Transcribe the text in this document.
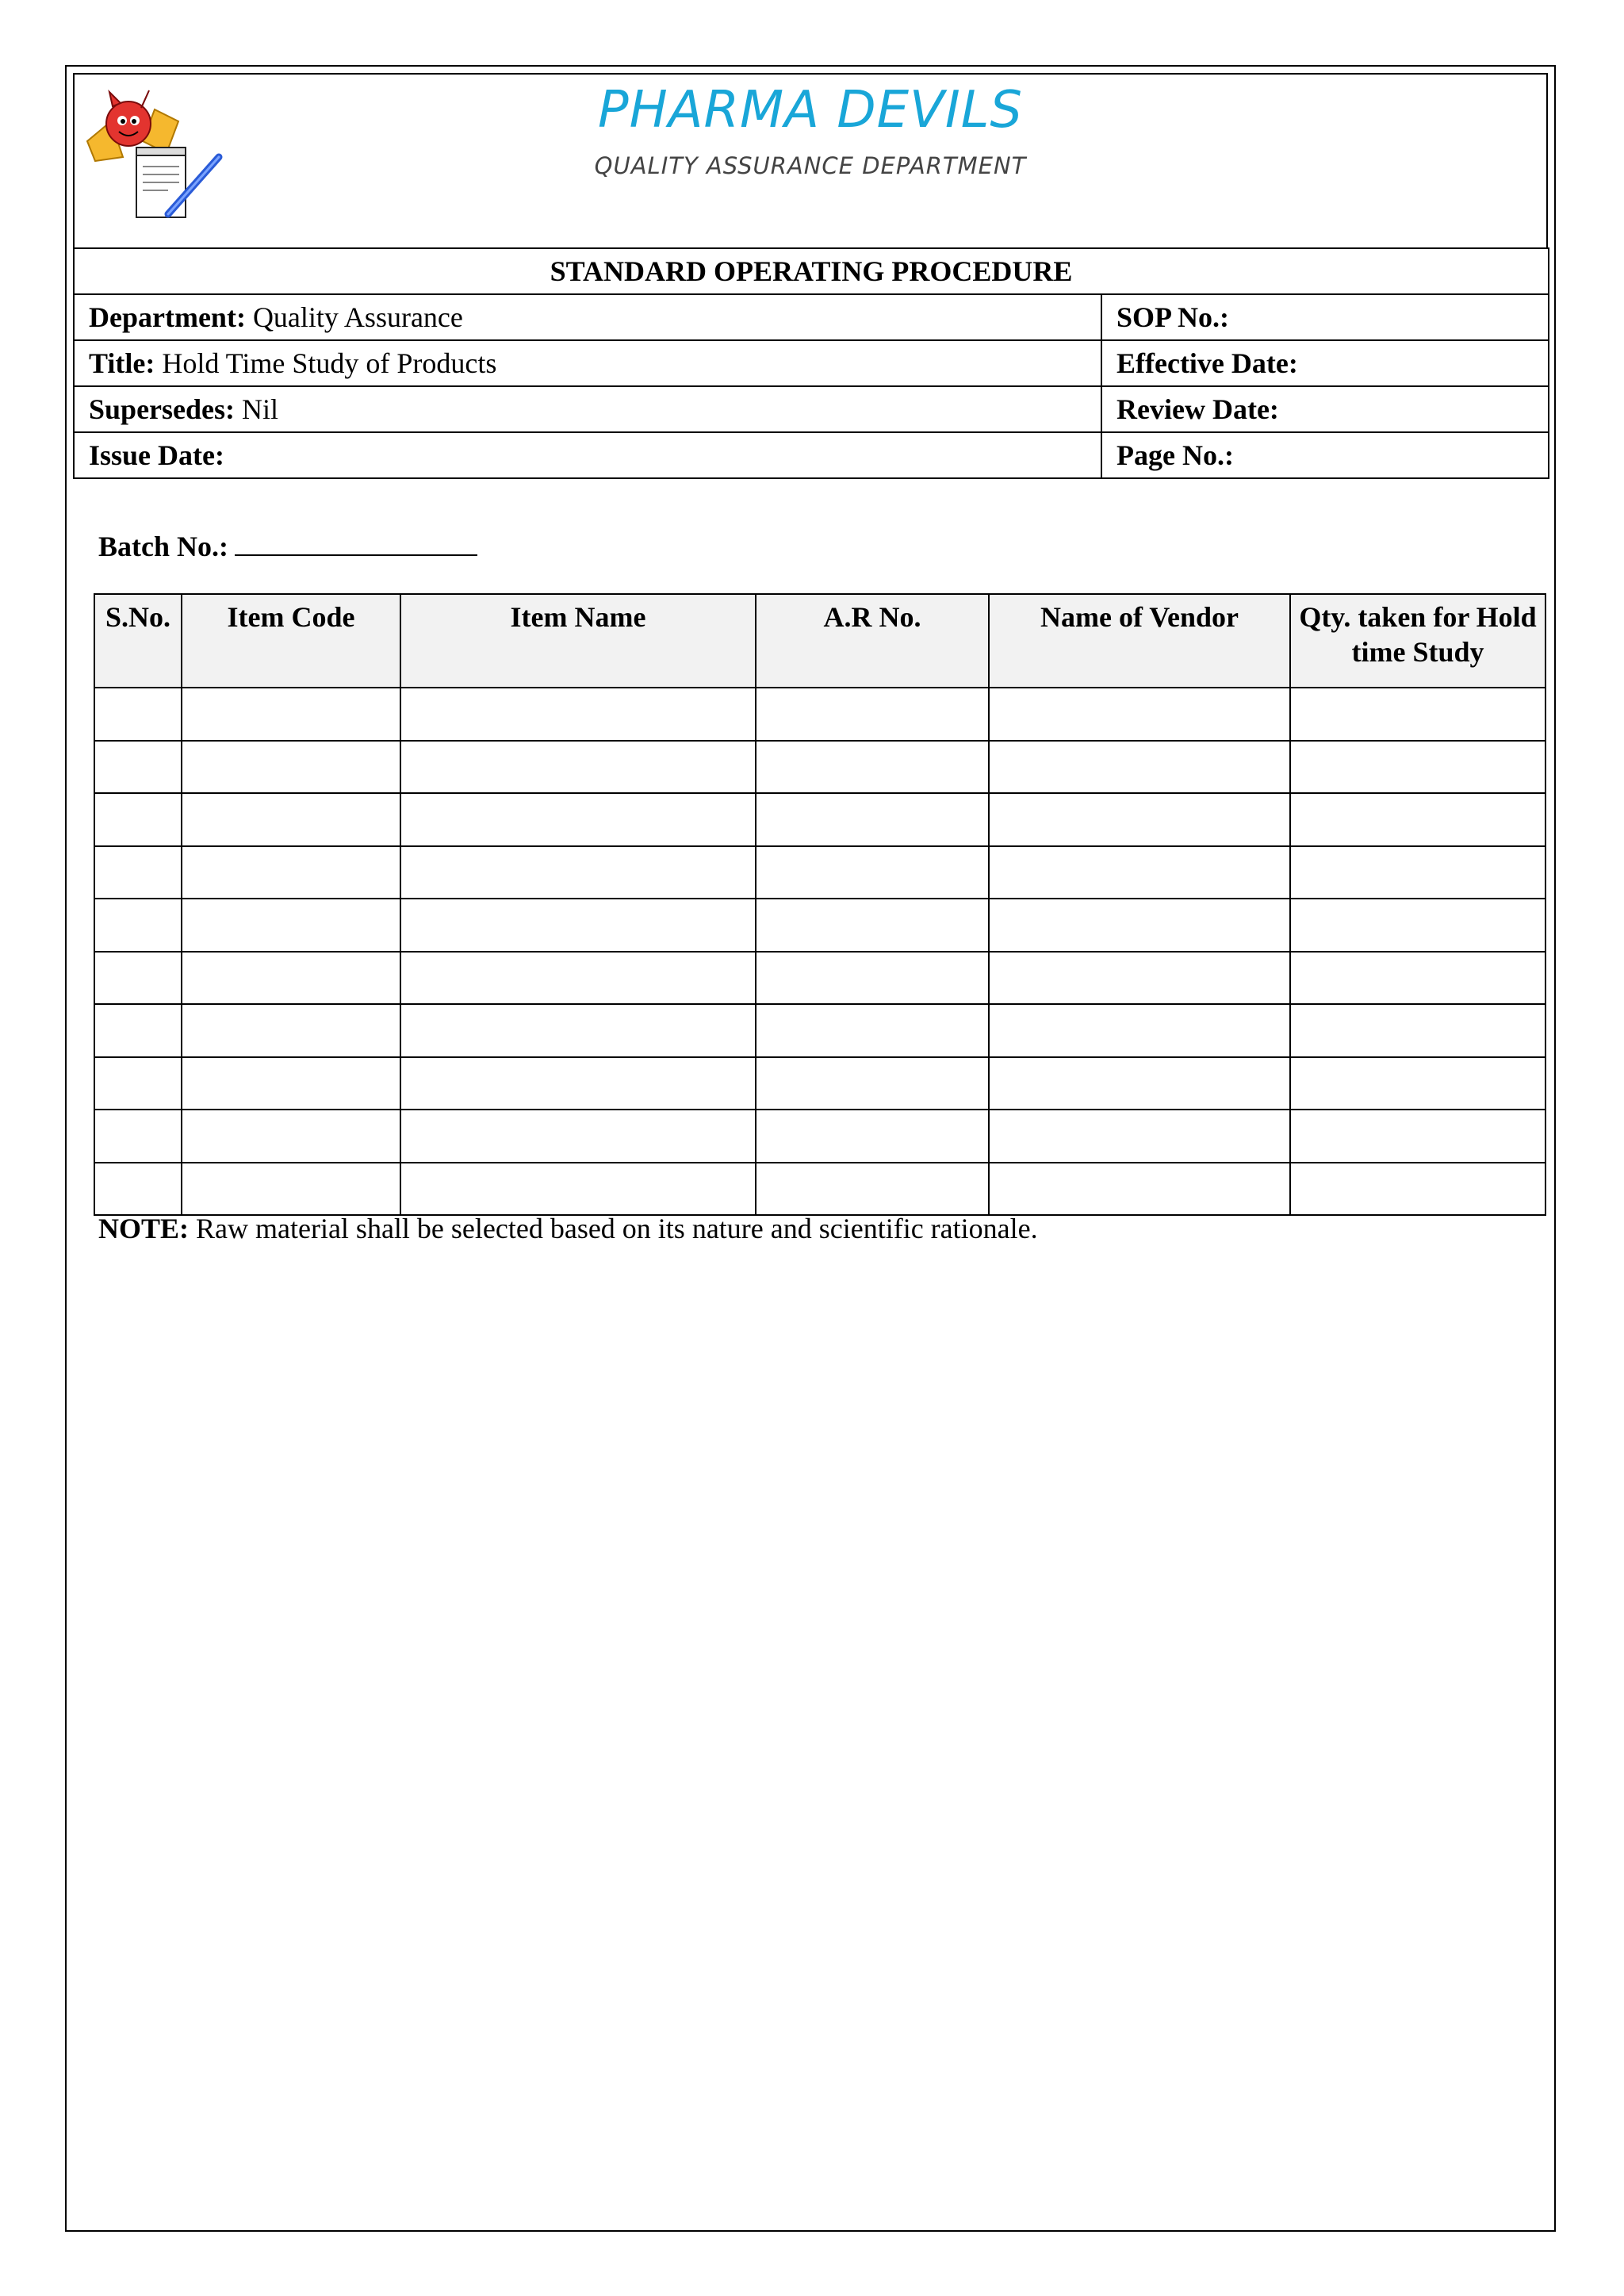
PHARMA DEVILS
QUALITY ASSURANCE DEPARTMENT
STANDARD OPERATING PROCEDURE	
Department: Quality Assurance	SOP No.:
Title: Hold Time Study of Products	Effective Date:
Supersedes: Nil	Review Date:
Issue Date:	Page No.:
Batch No.:
S.No.	Item Code	Item Name	A.R No.	Name of Vendor	Qty. taken for Hold time Study

NOTE: Raw material shall be selected based on its nature and scientific rationale.
